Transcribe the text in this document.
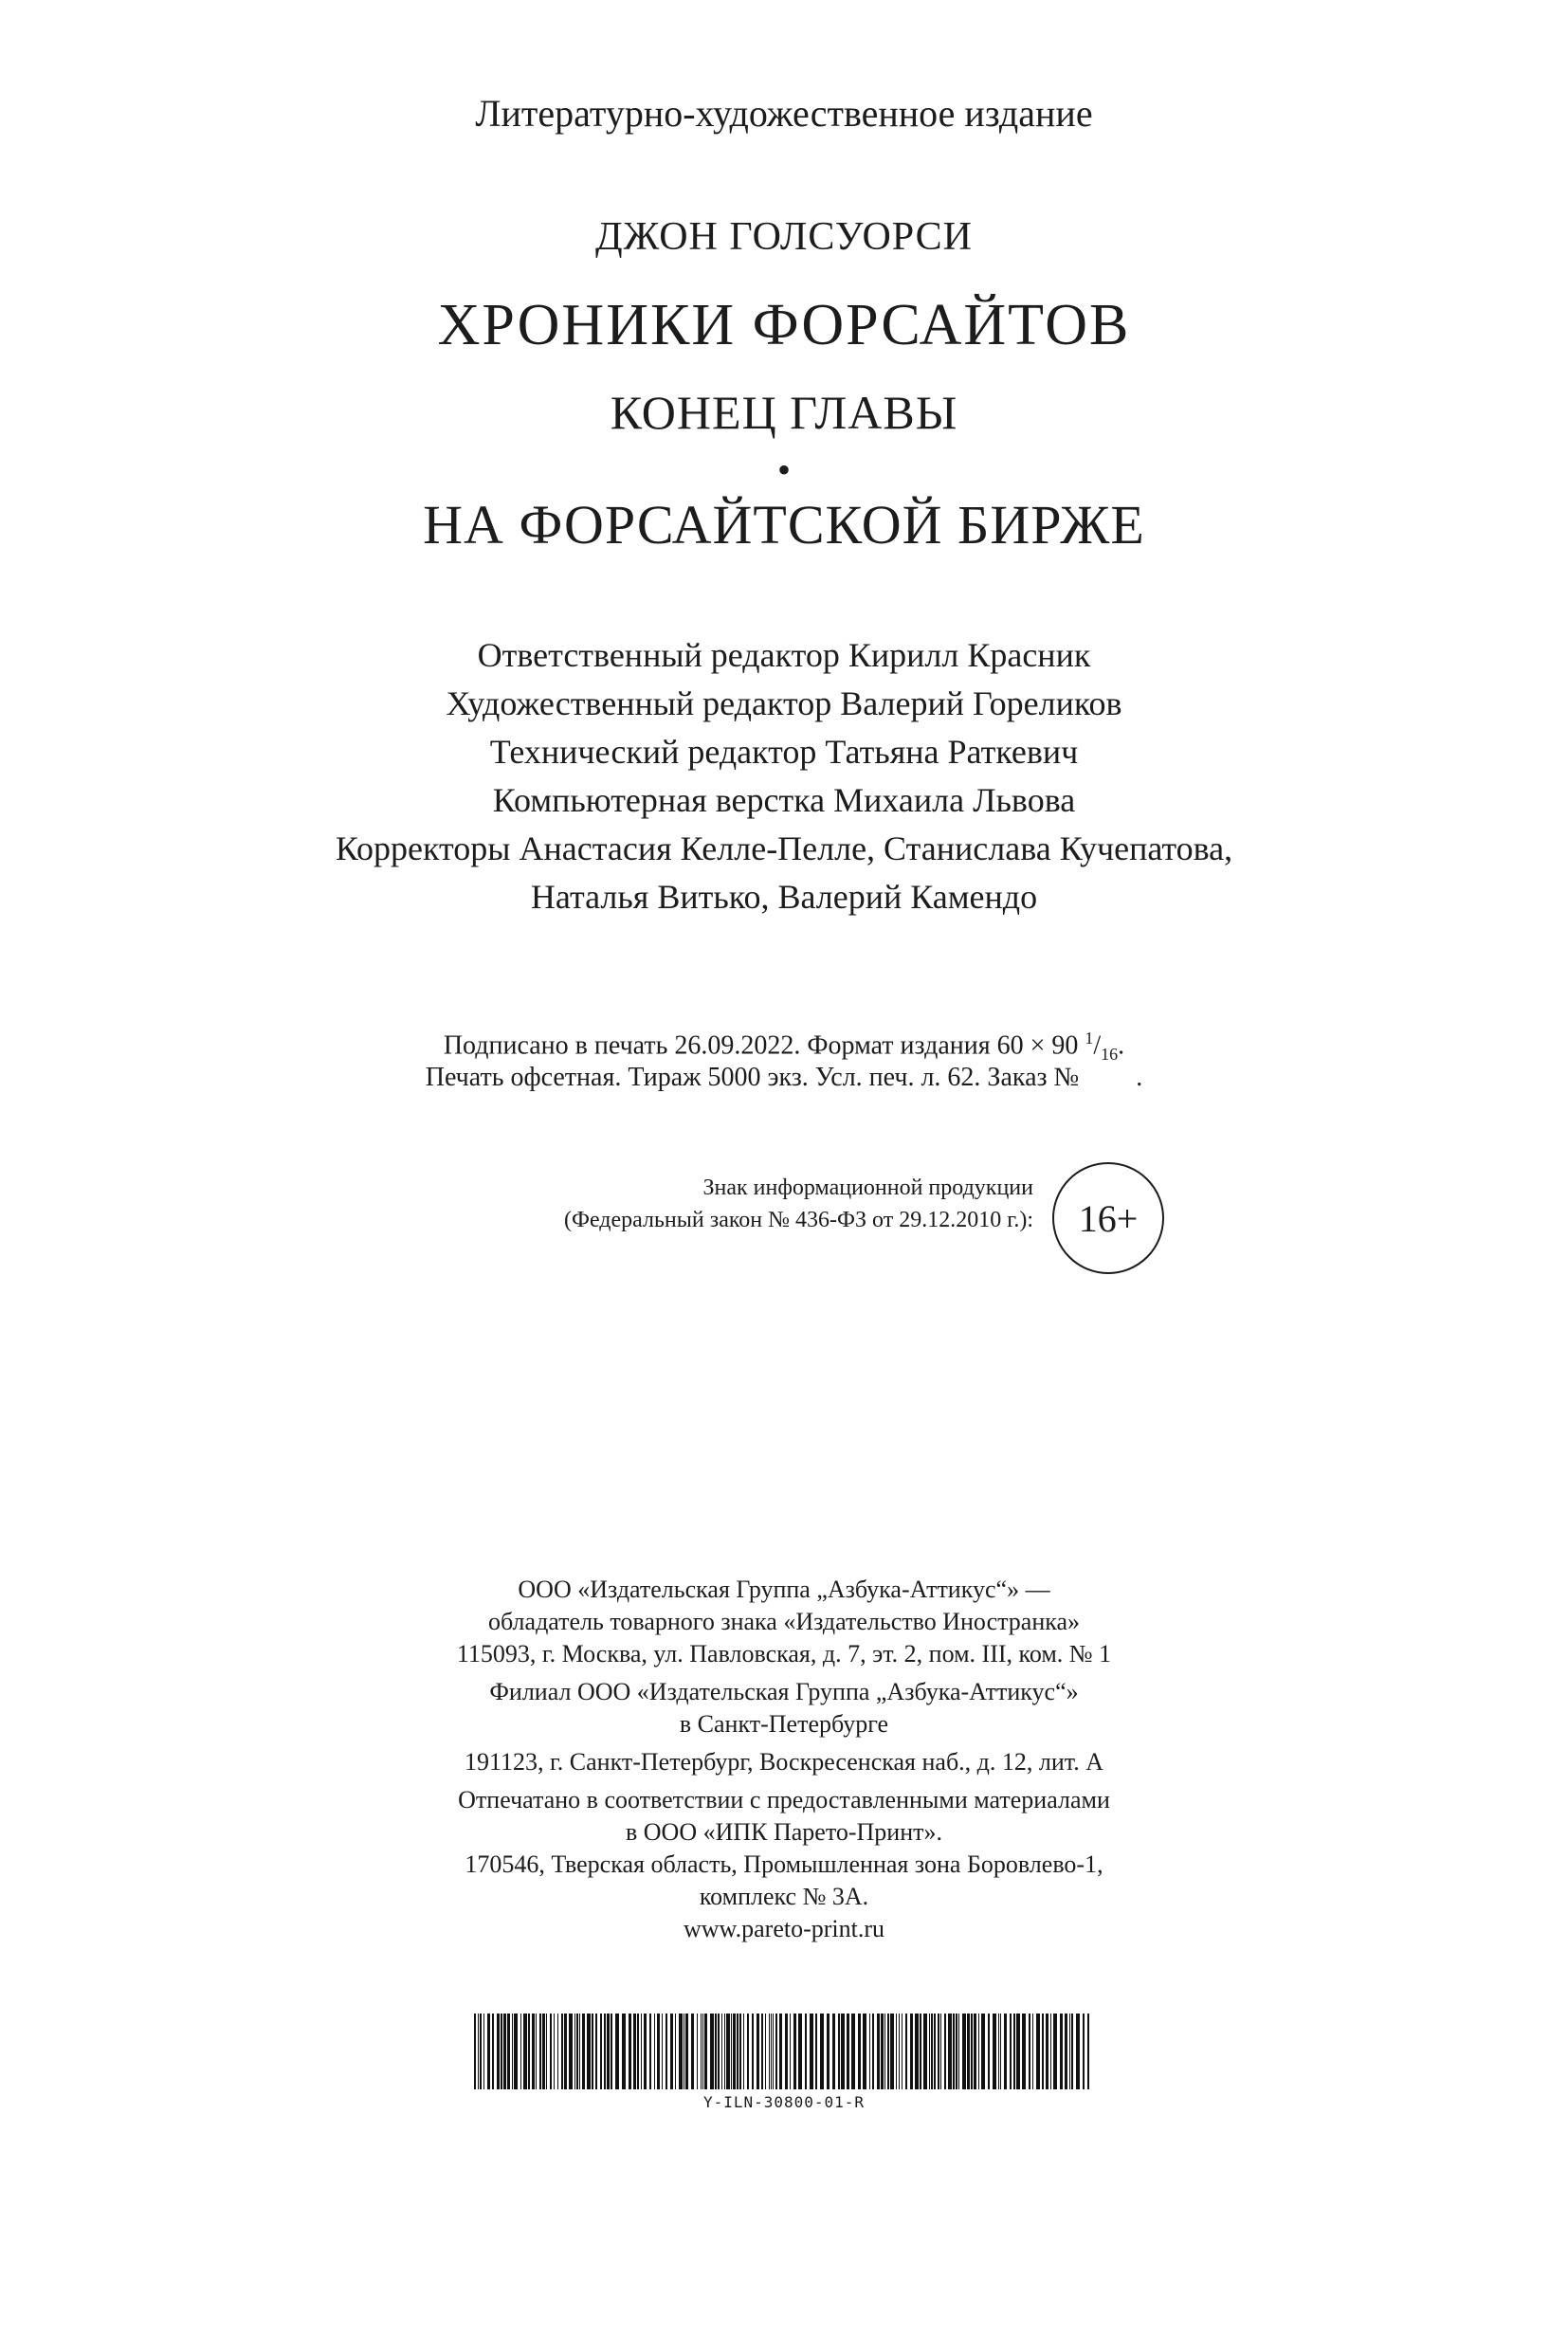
Литературно-художественное издание
ДЖОН ГОЛСУОРСИ
ХРОНИКИ ФОРСАЙТОВ
КОНЕЦ ГЛАВЫ
•
НА ФОРСАЙТСКОЙ БИРЖЕ
Ответственный редактор Кирилл Красник
Художественный редактор Валерий Гореликов
Технический редактор Татьяна Раткевич
Компьютерная верстка Михаила Львова
Корректоры Анастасия Келле-Пелле, Станислава Кучепатова,
Наталья Витько, Валерий Камендо
Подписано в печать 26.09.2022. Формат издания 60 × 90 $^1/_{16}$.
Печать офсетная. Тираж 5000 экз. Усл. печ. л. 62. Заказ № .
Знак информационной продукции
(Федеральный закон № 436-ФЗ от 29.12.2010 г.): 16+
ООО «Издательская Группа „Азбука-Аттикус“» —
обладатель товарного знака «Издательство Иностранка»
115093, г. Москва, ул. Павловская, д. 7, эт. 2, пом. III, ком. № 1
Филиал ООО «Издательская Группа „Азбука-Аттикус“»
в Санкт-Петербурге
191123, г. Санкт-Петербург, Воскресенская наб., д. 12, лит. А
Отпечатано в соответствии с предоставленными материалами
в ООО «ИПК Парето-Принт».
170546, Тверская область, Промышленная зона Боровлево-1,
комплекс № 3А.
www.pareto-print.ru
Y-ILN-30800-01-R
